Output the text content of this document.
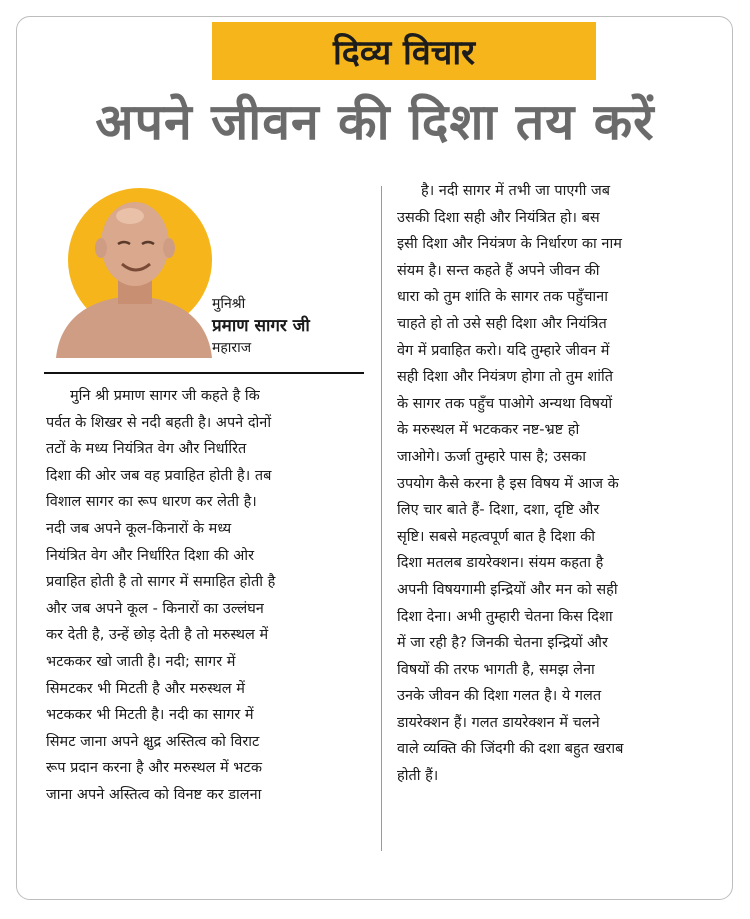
दिव्य विचार
अपने जीवन की दिशा तय करें
मुनिश्री
प्रमाण सागर जी
महाराज
मुनि श्री प्रमाण सागर जी कहते है कि
पर्वत के शिखर से नदी बहती है। अपने दोनों
तटों के मध्य नियंत्रित वेग और निर्धारित
दिशा की ओर जब वह प्रवाहित होती है। तब
विशाल सागर का रूप धारण कर लेती है।
नदी जब अपने कूल-किनारों के मध्य
नियंत्रित वेग और निर्धारित दिशा की ओर
प्रवाहित होती है तो सागर में समाहित होती है
और जब अपने कूल - किनारों का उल्लंघन
कर देती है, उन्हें छोड़ देती है तो मरुस्थल में
भटककर खो जाती है। नदी; सागर में
सिमटकर भी मिटती है और मरुस्थल में
भटककर भी मिटती है। नदी का सागर में
सिमट जाना अपने क्षुद्र अस्तित्व को विराट
रूप प्रदान करना है और मरुस्थल में भटक
जाना अपने अस्तित्व को विनष्ट कर डालना
है। नदी सागर में तभी जा पाएगी जब
उसकी दिशा सही और नियंत्रित हो। बस
इसी दिशा और नियंत्रण के निर्धारण का नाम
संयम है। सन्त कहते हैं अपने जीवन की
धारा को तुम शांति के सागर तक पहुँचाना
चाहते हो तो उसे सही दिशा और नियंत्रित
वेग में प्रवाहित करो। यदि तुम्हारे जीवन में
सही दिशा और नियंत्रण होगा तो तुम शांति
के सागर तक पहुँच पाओगे अन्यथा विषयों
के मरुस्थल में भटककर नष्ट-भ्रष्ट हो
जाओगे। ऊर्जा तुम्हारे पास है; उसका
उपयोग कैसे करना है इस विषय में आज के
लिए चार बाते हैं- दिशा, दशा, दृष्टि और
सृष्टि। सबसे महत्वपूर्ण बात है दिशा की
दिशा मतलब डायरेक्शन। संयम कहता है
अपनी विषयगामी इन्द्रियों और मन को सही
दिशा देना। अभी तुम्हारी चेतना किस दिशा
में जा रही है? जिनकी चेतना इन्द्रियों और
विषयों की तरफ भागती है, समझ लेना
उनके जीवन की दिशा गलत है। ये गलत
डायरेक्शन हैं। गलत डायरेक्शन में चलने
वाले व्यक्ति की जिंदगी की दशा बहुत खराब
होती हैं।
